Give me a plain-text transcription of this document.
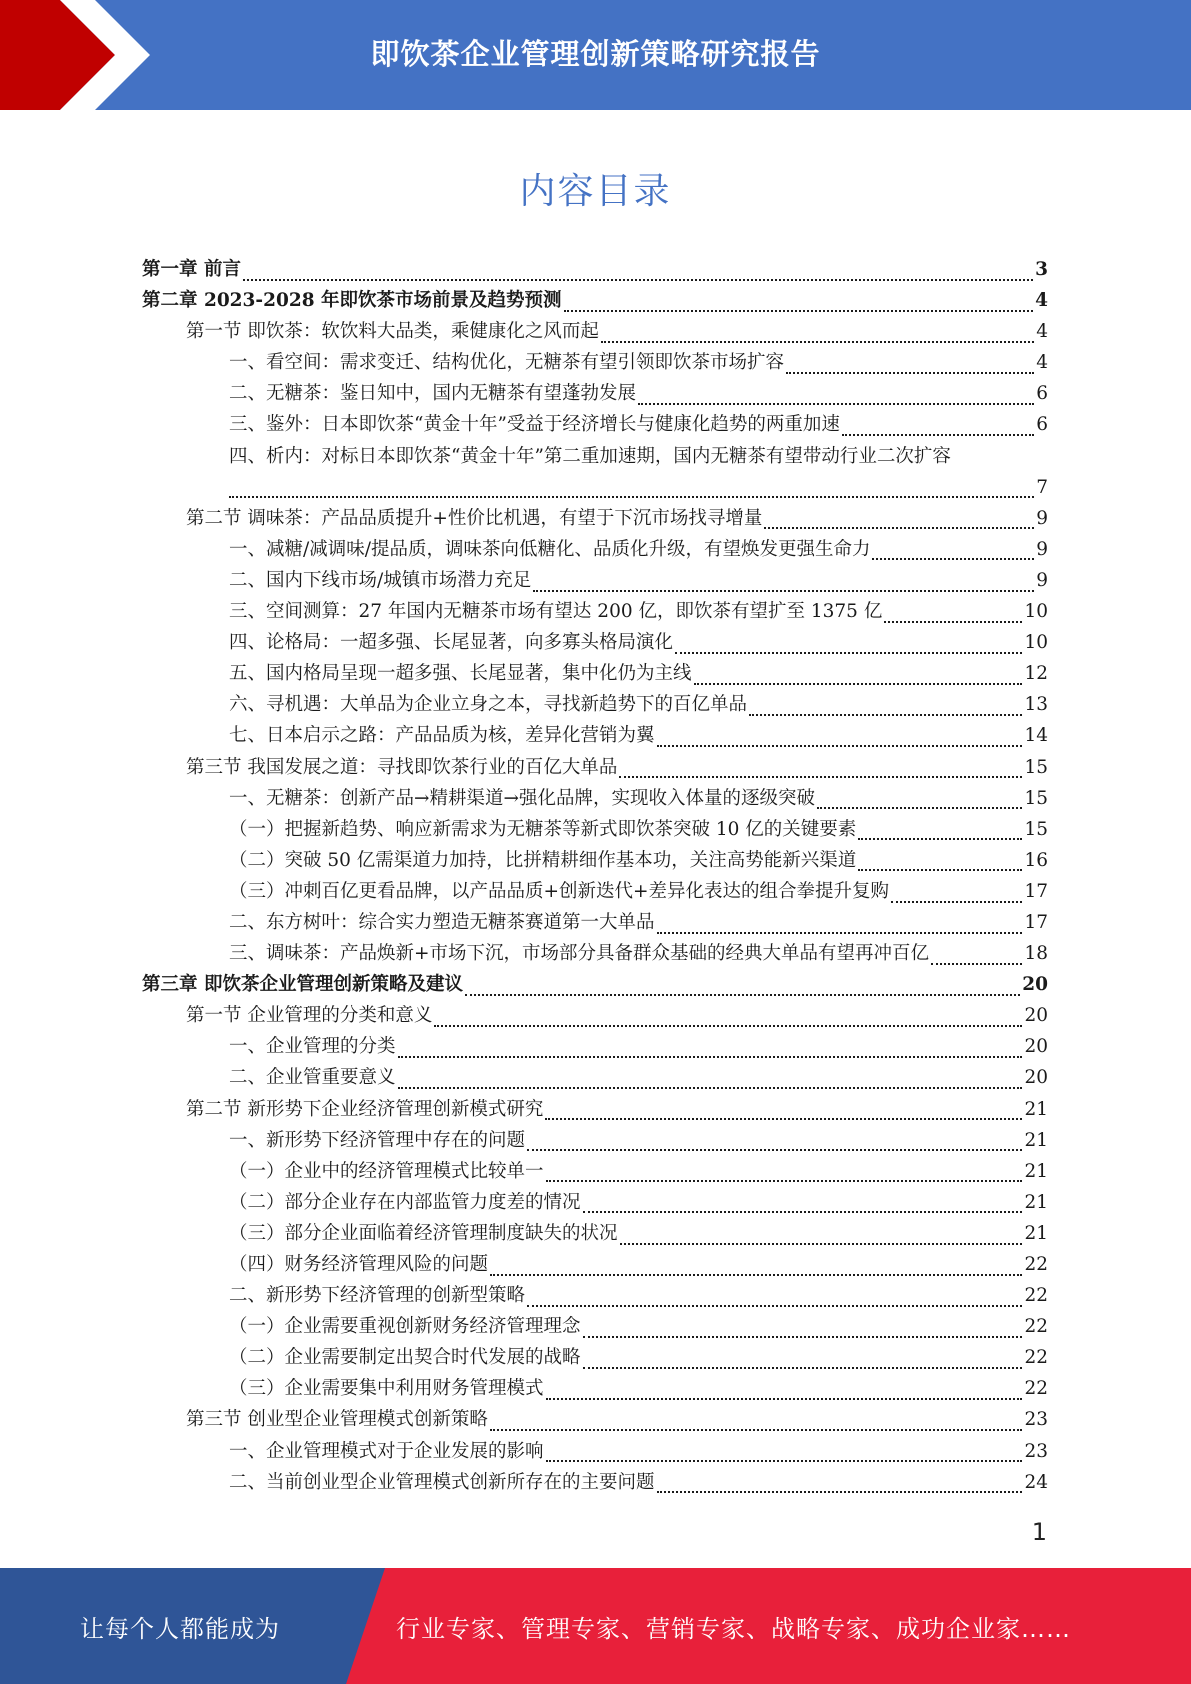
即饮茶企业管理创新策略研究报告
内容目录
第一章 前言	3
第二章 2023-2028 年即饮茶市场前景及趋势预测	4
第一节 即饮茶：软饮料大品类，乘健康化之风而起	4
一、看空间：需求变迁、结构优化，无糖茶有望引领即饮茶市场扩容	4
二、无糖茶：鉴日知中，国内无糖茶有望蓬勃发展	6
三、鉴外：日本即饮茶“黄金十年”受益于经济增长与健康化趋势的两重加速	6
四、析内：对标日本即饮茶“黄金十年”第二重加速期，国内无糖茶有望带动行业二次扩容
7
第二节 调味茶：产品品质提升+性价比机遇，有望于下沉市场找寻增量	9
一、减糖/减调味/提品质，调味茶向低糖化、品质化升级，有望焕发更强生命力	9
二、国内下线市场/城镇市场潜力充足	9
三、空间测算：27 年国内无糖茶市场有望达 200 亿，即饮茶有望扩至 1375 亿	10
四、论格局：一超多强、长尾显著，向多寡头格局演化	10
五、国内格局呈现一超多强、长尾显著，集中化仍为主线	12
六、寻机遇：大单品为企业立身之本，寻找新趋势下的百亿单品	13
七、日本启示之路：产品品质为核，差异化营销为翼	14
第三节 我国发展之道：寻找即饮茶行业的百亿大单品	15
一、无糖茶：创新产品→精耕渠道→强化品牌，实现收入体量的逐级突破	15
（一）把握新趋势、响应新需求为无糖茶等新式即饮茶突破 10 亿的关键要素	15
（二）突破 50 亿需渠道力加持，比拼精耕细作基本功，关注高势能新兴渠道	16
（三）冲刺百亿更看品牌，以产品品质+创新迭代+差异化表达的组合拳提升复购	17
二、东方树叶：综合实力塑造无糖茶赛道第一大单品	17
三、调味茶：产品焕新+市场下沉，市场部分具备群众基础的经典大单品有望再冲百亿	18
第三章 即饮茶企业管理创新策略及建议	20
第一节 企业管理的分类和意义	20
一、企业管理的分类	20
二、企业管重要意义	20
第二节 新形势下企业经济管理创新模式研究	21
一、新形势下经济管理中存在的问题	21
（一）企业中的经济管理模式比较单一	21
（二）部分企业存在内部监管力度差的情况	21
（三）部分企业面临着经济管理制度缺失的状况	21
（四）财务经济管理风险的问题	22
二、新形势下经济管理的创新型策略	22
（一）企业需要重视创新财务经济管理理念	22
（二）企业需要制定出契合时代发展的战略	22
（三）企业需要集中利用财务管理模式	22
第三节 创业型企业管理模式创新策略	23
一、企业管理模式对于企业发展的影响	23
二、当前创业型企业管理模式创新所存在的主要问题	24
1
让每个人都能成为	行业专家、管理专家、营销专家、战略专家、成功企业家……
